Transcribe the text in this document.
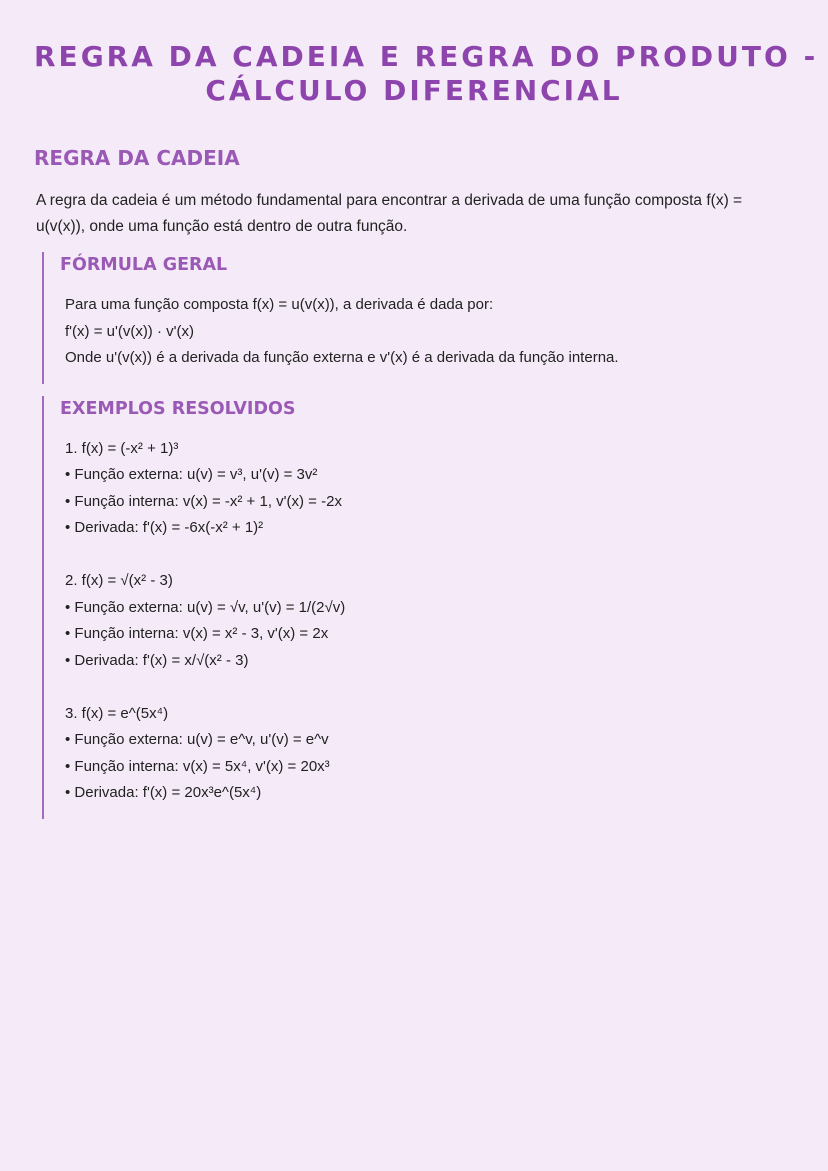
REGRA DA CADEIA E REGRA DO PRODUTO -
CÁLCULO DIFERENCIAL
REGRA DA CADEIA

A regra da cadeia é um método fundamental para encontrar a derivada de uma função composta f(x) = u(v(x)), onde uma função está dentro de outra função.

FÓRMULA GERAL
Para uma função composta f(x) = u(v(x)), a derivada é dada por:
f'(x) = u'(v(x)) · v'(x)
Onde u'(v(x)) é a derivada da função externa e v'(x) é a derivada da função interna.
EXEMPLOS RESOLVIDOS
1. f(x) = (-x² + 1)³
• Função externa: u(v) = v³, u'(v) = 3v²
• Função interna: v(x) = -x² + 1, v'(x) = -2x
• Derivada: f'(x) = -6x(-x² + 1)²
2. f(x) = √(x² - 3)
• Função externa: u(v) = √v, u'(v) = 1/(2√v)
• Função interna: v(x) = x² - 3, v'(x) = 2x
• Derivada: f'(x) = x/√(x² - 3)
3. f(x) = e^(5x⁴)
• Função externa: u(v) = e^v, u'(v) = e^v
• Função interna: v(x) = 5x⁴, v'(x) = 20x³
• Derivada: f'(x) = 20x³e^(5x⁴)
